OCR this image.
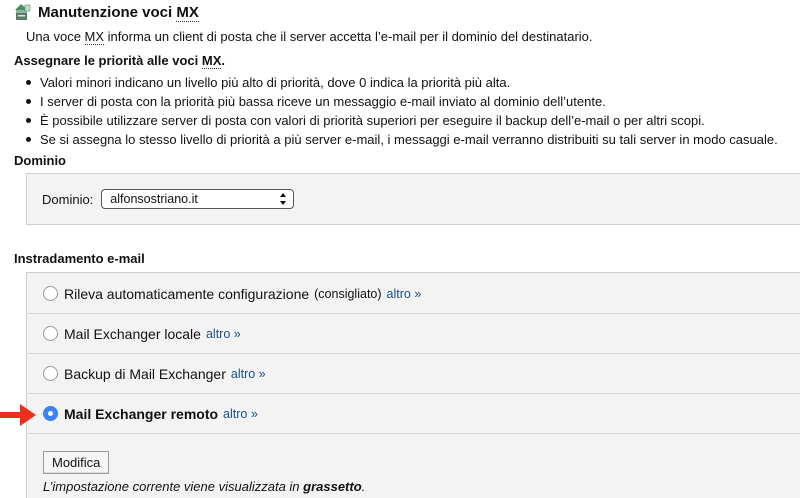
Manutenzione voci MX
Una voce MX informa un client di posta che il server accetta l’e-mail per il dominio del destinatario.
Assegnare le priorità alle voci MX.
Valori minori indicano un livello più alto di priorità, dove 0 indica la priorità più alta.
I server di posta con la priorità più bassa riceve un messaggio e-mail inviato al dominio dell’utente.
È possibile utilizzare server di posta con valori di priorità superiori per eseguire il backup dell’e-mail o per altri scopi.
Se si assegna lo stesso livello di priorità a più server e-mail, i messaggi e-mail verranno distribuiti su tali server in modo casuale.
Dominio
Dominio: alfonsostriano.it
Instradamento e-mail
Rileva automaticamente configurazione (consigliato) altro »
Mail Exchanger locale altro »
Backup di Mail Exchanger altro »
Mail Exchanger remoto altro »
Modifica
L’impostazione corrente viene visualizzata in grassetto.
